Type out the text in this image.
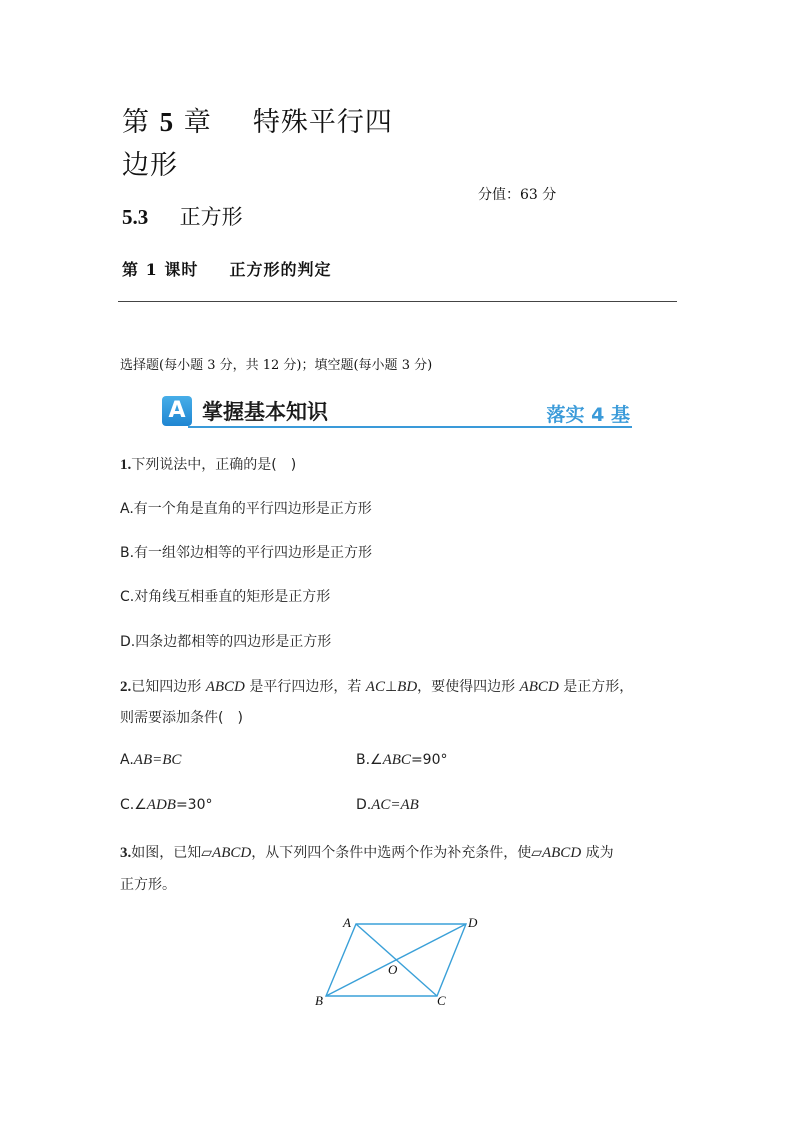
第 5 章 特殊平行四
边形
分值：63 分
5.3 正方形
第 1 课时 正方形的判定
选择题(每小题 3 分，共 12 分)；填空题(每小题 3 分)
A 掌握基本知识	落实 4 基
1.下列说法中，正确的是(　)
A.有一个角是直角的平行四边形是正方形
B.有一组邻边相等的平行四边形是正方形
C.对角线互相垂直的矩形是正方形
D.四条边都相等的四边形是正方形
2.已知四边形 ABCD 是平行四边形，若 AC⊥BD，要使得四边形 ABCD 是正方形，
则需要添加条件(　)
A.AB=BC	B.∠ABC=90°
C.∠ADB=30°	D.AC=AB
3.如图，已知▱ABCD，从下列四个条件中选两个作为补充条件，使▱ABCD 成为
正方形。
A	D
B	C
O
